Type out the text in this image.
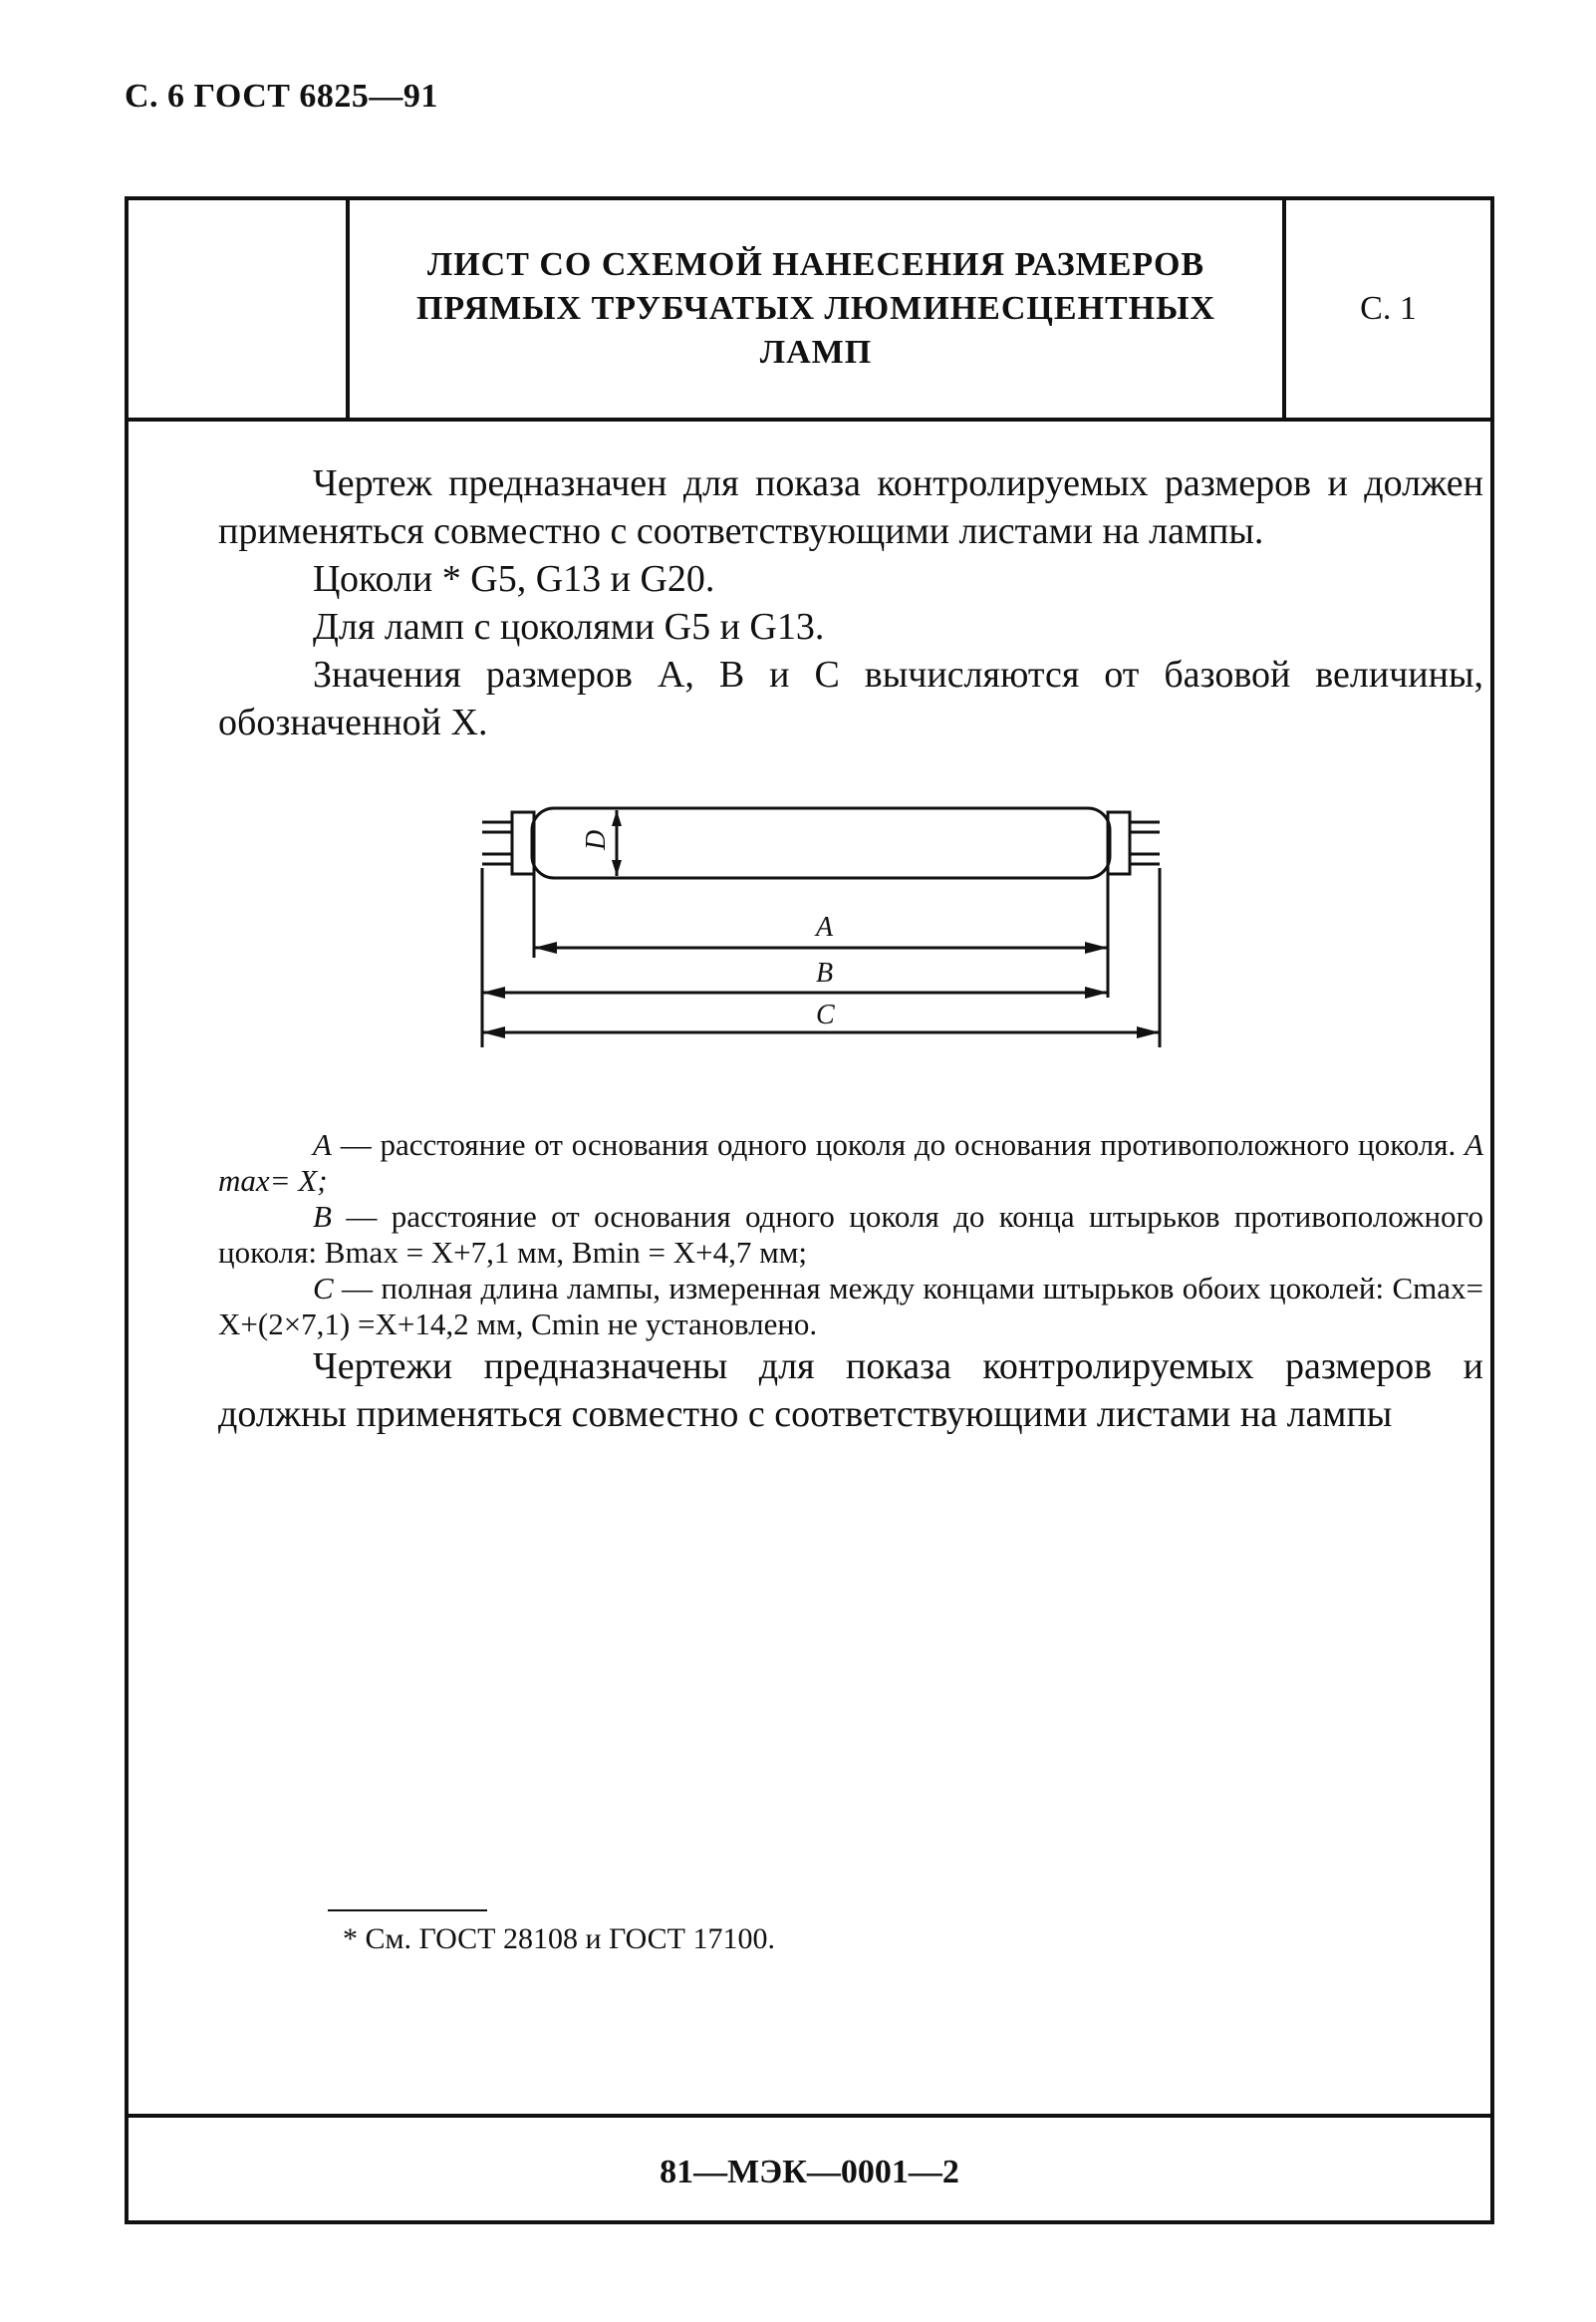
С. 6 ГОСТ 6825—91
ЛИСТ СО СХЕМОЙ НАНЕСЕНИЯ РАЗМЕРОВ
ПРЯМЫХ ТРУБЧАТЫХ ЛЮМИНЕСЦЕНТНЫХ
ЛАМП
С. 1

Чертеж предназначен для показа контролируемых размеров и должен применяться совместно с соответствующими листами на лампы.

Цоколи * G5, G13 и G20.

Для ламп с цоколями G5 и G13.

Значения размеров A, B и C вычисляются от базовой величины, обозначенной X.

D
A
B
C

A — расстояние от основания одного цоколя до основания противоположного цоколя. A max= X;

B — расстояние от основания одного цоколя до конца штырьков противоположного цоколя: Bmax = X+7,1 мм, Bmin = X+4,7 мм;

C — полная длина лампы, измеренная между концами штырьков обоих цоколей: Cmax= X+(2×7,1) =X+14,2 мм, Cmin не установлено.

Чертежи предназначены для показа контролируемых размеров и должны применяться совместно с соответствующими листами на лампы

* См. ГОСТ 28108 и ГОСТ 17100.
81—МЭК—0001—2
